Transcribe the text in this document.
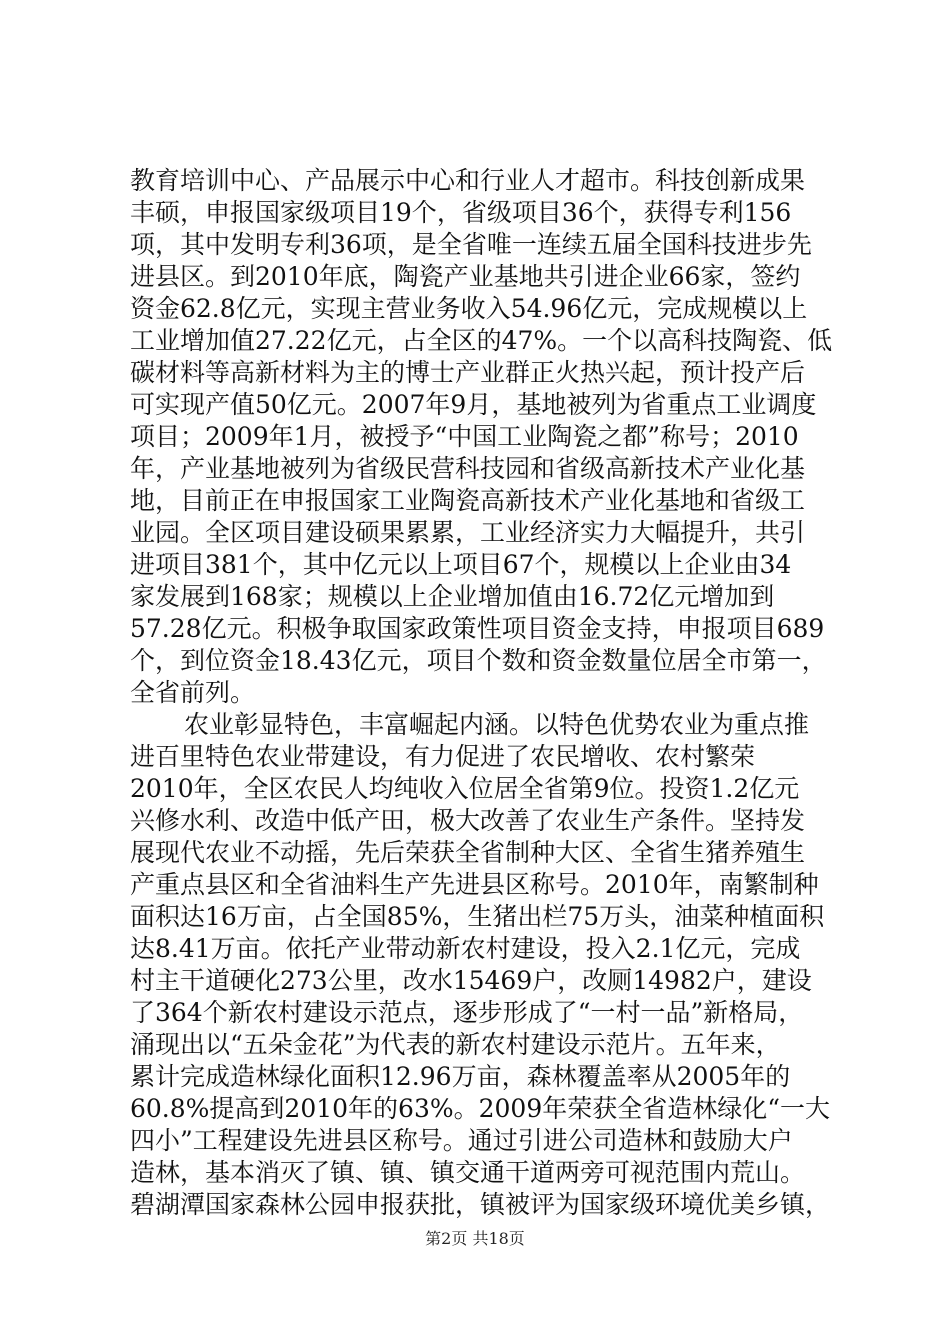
教育培训中心、产品展示中心和行业人才超市。科技创新成果
丰硕，申报国家级项目19个，省级项目36个，获得专利156
项，其中发明专利36项，是全省唯一连续五届全国科技进步先
进县区。到2010年底，陶瓷产业基地共引进企业66家，签约
资金62.8亿元，实现主营业务收入54.96亿元，完成规模以上
工业增加值27.22亿元，占全区的47%。一个以高科技陶瓷、低
碳材料等高新材料为主的博士产业群正火热兴起，预计投产后
可实现产值50亿元。2007年9月，基地被列为省重点工业调度
项目；2009年1月，被授予“中国工业陶瓷之都”称号；2010
年，产业基地被列为省级民营科技园和省级高新技术产业化基
地，目前正在申报国家工业陶瓷高新技术产业化基地和省级工
业园。全区项目建设硕果累累，工业经济实力大幅提升，共引
进项目381个，其中亿元以上项目67个，规模以上企业由34
家发展到168家；规模以上企业增加值由16.72亿元增加到
57.28亿元。积极争取国家政策性项目资金支持，申报项目689
个，到位资金18.43亿元，项目个数和资金数量位居全市第一，
全省前列。
农业彰显特色，丰富崛起内涵。以特色优势农业为重点推
进百里特色农业带建设，有力促进了农民增收、农村繁荣
2010年，全区农民人均纯收入位居全省第9位。投资1.2亿元
兴修水利、改造中低产田，极大改善了农业生产条件。坚持发
展现代农业不动摇，先后荣获全省制种大区、全省生猪养殖生
产重点县区和全省油料生产先进县区称号。2010年，南繁制种
面积达16万亩，占全国85%，生猪出栏75万头，油菜种植面积
达8.41万亩。依托产业带动新农村建设，投入2.1亿元，完成
村主干道硬化273公里，改水15469户，改厕14982户，建设
了364个新农村建设示范点，逐步形成了“一村一品”新格局，
涌现出以“五朵金花”为代表的新农村建设示范片。五年来，
累计完成造林绿化面积12.96万亩，森林覆盖率从2005年的
60.8%提高到2010年的63%。2009年荣获全省造林绿化“一大
四小”工程建设先进县区称号。通过引进公司造林和鼓励大户
造林，基本消灭了镇、镇、镇交通干道两旁可视范围内荒山。
碧湖潭国家森林公园申报获批，镇被评为国家级环境优美乡镇，
第2页 共18页
